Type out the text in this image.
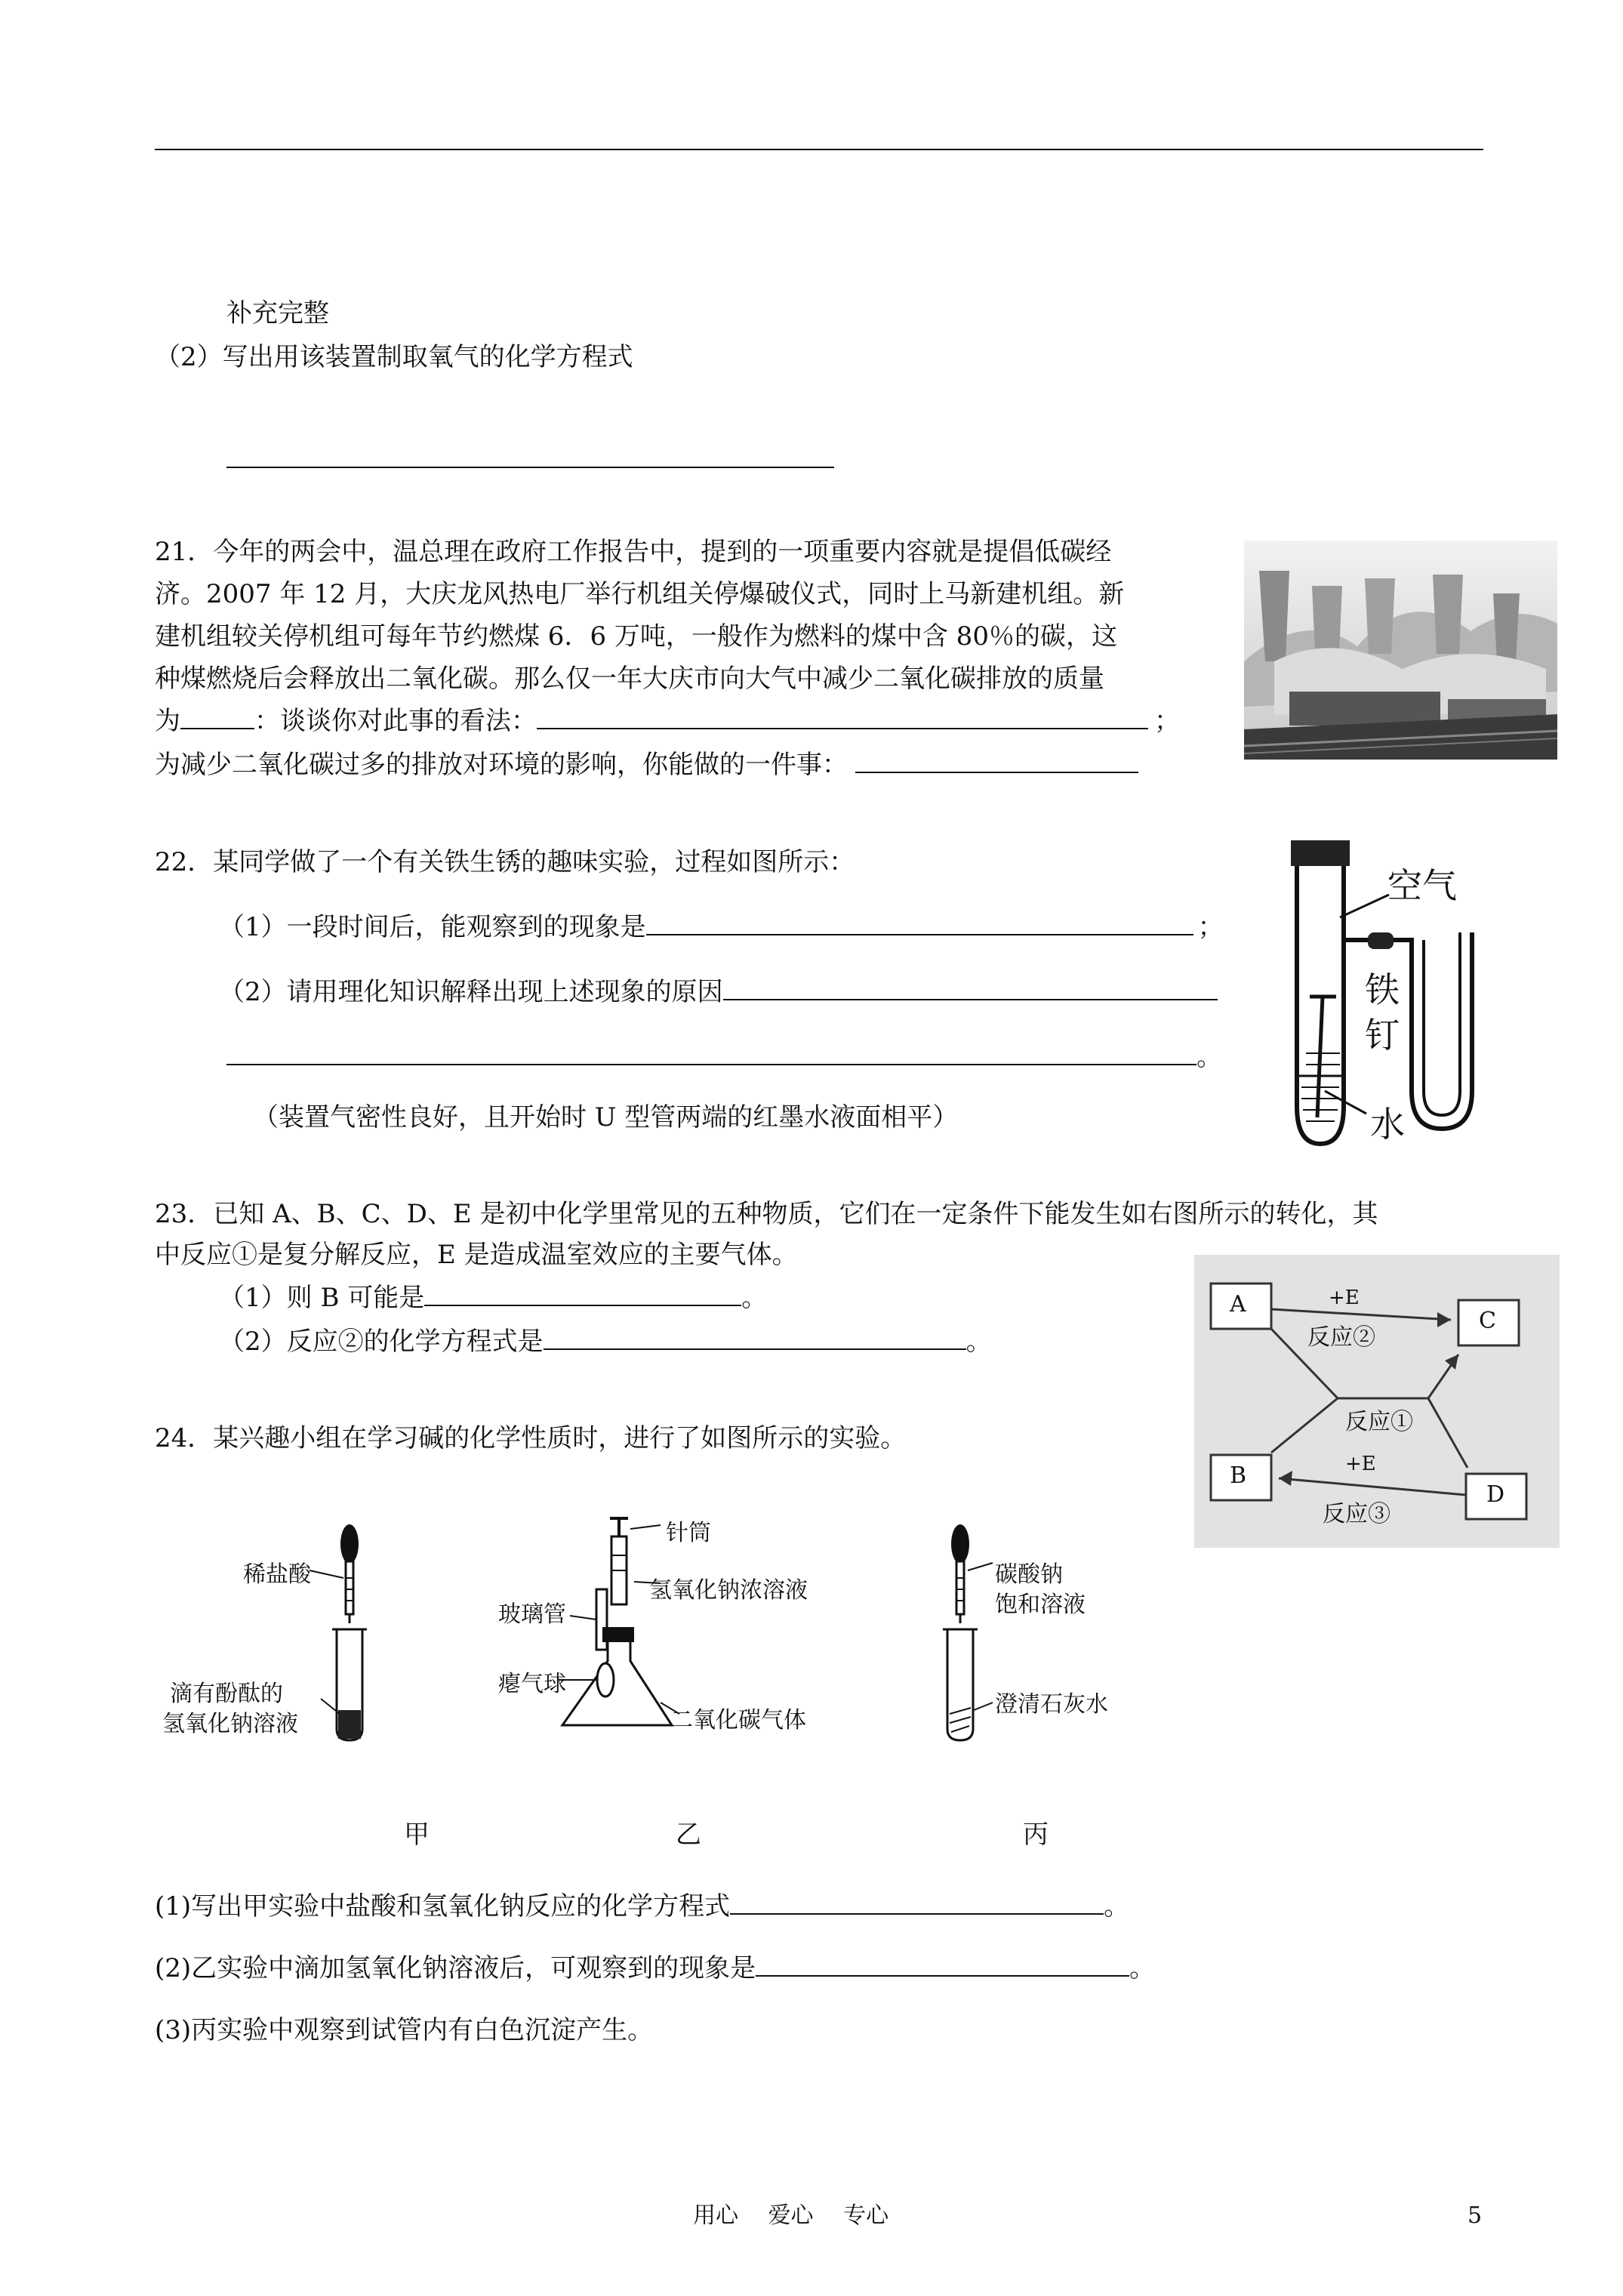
补充完整
（2）写出用该装置制取氧气的化学方程式
21．今年的两会中，温总理在政府工作报告中，提到的一项重要内容就是提倡低碳经
济。2007 年 12 月，大庆龙风热电厂举行机组关停爆破仪式，同时上马新建机组。新
建机组较关停机组可每年节约燃煤 6．6 万吨，一般作为燃料的煤中含 80％的碳，这
种煤燃烧后会释放出二氧化碳。那么仅一年大庆市向大气中减少二氧化碳排放的质量
为	：谈谈你对此事的看法：	；
为减少二氧化碳过多的排放对环境的影响，你能做的一件事：
22．某同学做了一个有关铁生锈的趣味实验，过程如图所示：
（1）一段时间后，能观察到的现象是	；
（2）请用理化知识解释出现上述现象的原因
。
（装置气密性良好，且开始时 U 型管两端的红墨水液面相平）
空气
铁
钉
水
23．已知 A、B、C、D、E 是初中化学里常见的五种物质，它们在一定条件下能发生如右图所示的转化，其
中反应①是复分解反应，E 是造成温室效应的主要气体。
（1）则 B 可能是	。
（2）反应②的化学方程式是	。
A
C
B
D
+E
反应②
反应①
+E
反应③
24．某兴趣小组在学习碱的化学性质时，进行了如图所示的实验。
稀盐酸
滴有酚酞的
氢氧化钠溶液
针筒
氢氧化钠浓溶液
玻璃管
瘪气球
二氧化碳气体
碳酸钠
饱和溶液
澄清石灰水
甲	乙	丙
(1)写出甲实验中盐酸和氢氧化钠反应的化学方程式	。
(2)乙实验中滴加氢氧化钠溶液后，可观察到的现象是	。
(3)丙实验中观察到试管内有白色沉淀产生。
用心　 爱心　 专心	5
